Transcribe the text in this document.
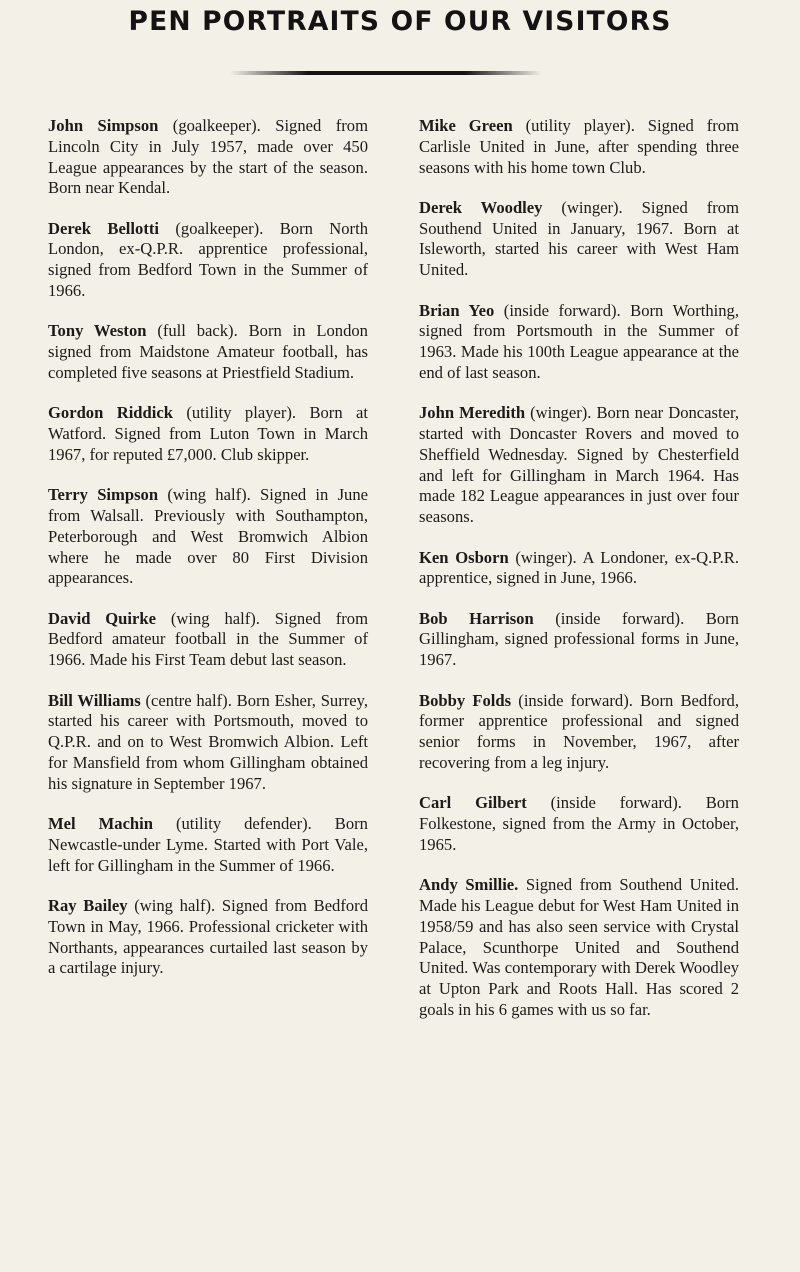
PEN PORTRAITS OF OUR VISITORS

John Simpson (goalkeeper). Signed from Lincoln City in July 1957, made over 450 League appearances by the start of the season. Born near Kendal.

Derek Bellotti (goalkeeper). Born North London, ex-Q.P.R. apprentice professional, signed from Bedford Town in the Summer of 1966.

Tony Weston (full back). Born in London signed from Maidstone Amateur football, has completed five seasons at Priestfield Stadium.

Gordon Riddick (utility player). Born at Watford. Signed from Luton Town in March 1967, for reputed £7,000. Club skipper.

Terry Simpson (wing half). Signed in June from Walsall. Previously with Southampton, Peterborough and West Bromwich Albion where he made over 80 First Division appearances.

David Quirke (wing half). Signed from Bedford amateur football in the Summer of 1966. Made his First Team debut last season.

Bill Williams (centre half). Born Esher, Surrey, started his career with Portsmouth, moved to Q.P.R. and on to West Bromwich Albion. Left for Mansfield from whom Gillingham obtained his signature in September 1967.

Mel Machin (utility defender). Born Newcastle-under Lyme. Started with Port Vale, left for Gillingham in the Summer of 1966.

Ray Bailey (wing half). Signed from Bedford Town in May, 1966. Professional cricketer with Northants, appearances curtailed last season by a cartilage injury.

Mike Green (utility player). Signed from Carlisle United in June, after spending three seasons with his home town Club.

Derek Woodley (winger). Signed from Southend United in January, 1967. Born at Isleworth, started his career with West Ham United.

Brian Yeo (inside forward). Born Worthing, signed from Portsmouth in the Summer of 1963. Made his 100th League appearance at the end of last season.

John Meredith (winger). Born near Doncaster, started with Doncaster Rovers and moved to Sheffield Wednesday. Signed by Chesterfield and left for Gillingham in March 1964. Has made 182 League appearances in just over four seasons.

Ken Osborn (winger). A Londoner, ex-Q.P.R. apprentice, signed in June, 1966.

Bob Harrison (inside forward). Born Gillingham, signed professional forms in June, 1967.

Bobby Folds (inside forward). Born Bedford, former apprentice professional and signed senior forms in November, 1967, after recovering from a leg injury.

Carl Gilbert (inside forward). Born Folkestone, signed from the Army in October, 1965.

Andy Smillie. Signed from Southend United. Made his League debut for West Ham United in 1958/59 and has also seen service with Crystal Palace, Scunthorpe United and Southend United. Was contemporary with Derek Woodley at Upton Park and Roots Hall. Has scored 2 goals in his 6 games with us so far.
